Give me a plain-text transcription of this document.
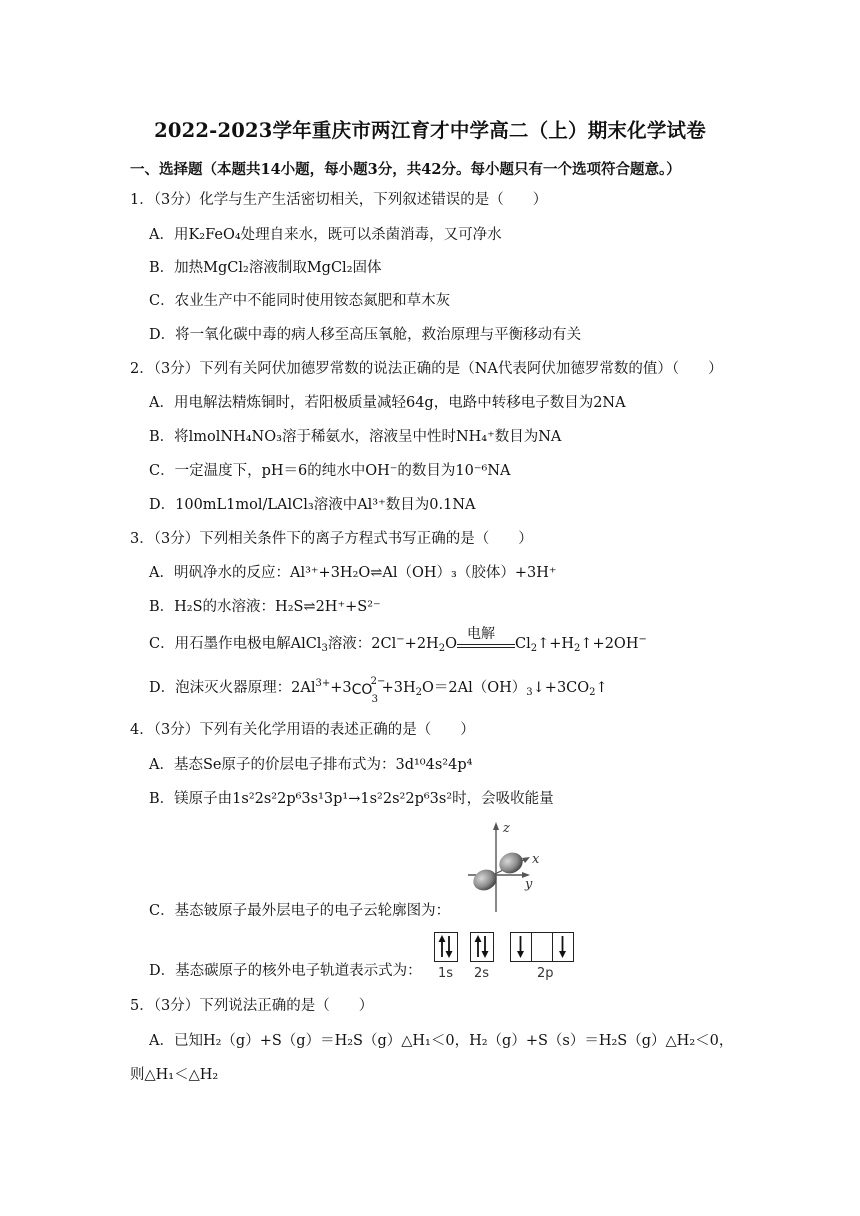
2022-2023学年重庆市两江育才中学高二（上）期末化学试卷
一、选择题（本题共14小题，每小题3分，共42分。每小题只有一个选项符合题意。）
1．（3分）化学与生产生活密切相关，下列叙述错误的是（　　）
A．用K₂FeO₄处理自来水，既可以杀菌消毒，又可净水
B．加热MgCl₂溶液制取MgCl₂固体
C．农业生产中不能同时使用铵态氮肥和草木灰
D．将一氧化碳中毒的病人移至高压氧舱，救治原理与平衡移动有关
2．（3分）下列有关阿伏加德罗常数的说法正确的是（NA代表阿伏加德罗常数的值）（　　）
A．用电解法精炼铜时，若阳极质量减轻64g，电路中转移电子数目为2NA
B．将lmolNH₄NO₃溶于稀氨水，溶液呈中性时NH₄⁺数目为NA
C．一定温度下，pH＝6的纯水中OH⁻的数目为10⁻⁶NA
D．100mL1mol/LAlCl₃溶液中Al³⁺数目为0.1NA
3．（3分）下列相关条件下的离子方程式书写正确的是（　　）
A．明矾净水的反应：Al³⁺+3H₂O⇌Al（OH）₃（胶体）+3H⁺
B．H₂S的水溶液：H₂S⇌2H⁺+S²⁻
C．用石墨作电极电解AlCl$_3$溶液：$2Cl^-+2H_2O$
电解
$Cl_2↑+H_2↑+2OH^-$
D．泡沫灭火器原理：$2Al^{3+}+3$ CO
2−
3
$+3H_2O=2Al(OH)_3↓+3CO_2↑$
4．（3分）下列有关化学用语的表述正确的是（　　）
A．基态Se原子的价层电子排布式为：3d¹⁰4s²4p⁴
B．镁原子由1s²2s²2p⁶3s¹3p¹→1s²2s²2p⁶3s²时，会吸收能量
z
x
y
C．基态铍原子最外层电子的电子云轮廓图为：
1s 2s	2p
D．基态碳原子的核外电子轨道表示式为：
5．（3分）下列说法正确的是（　　）
A．已知H₂（g）+S（g）＝H₂S（g）△H₁＜0，H₂（g）+S（s）＝H₂S（g）△H₂＜0，
则△H₁＜△H₂
